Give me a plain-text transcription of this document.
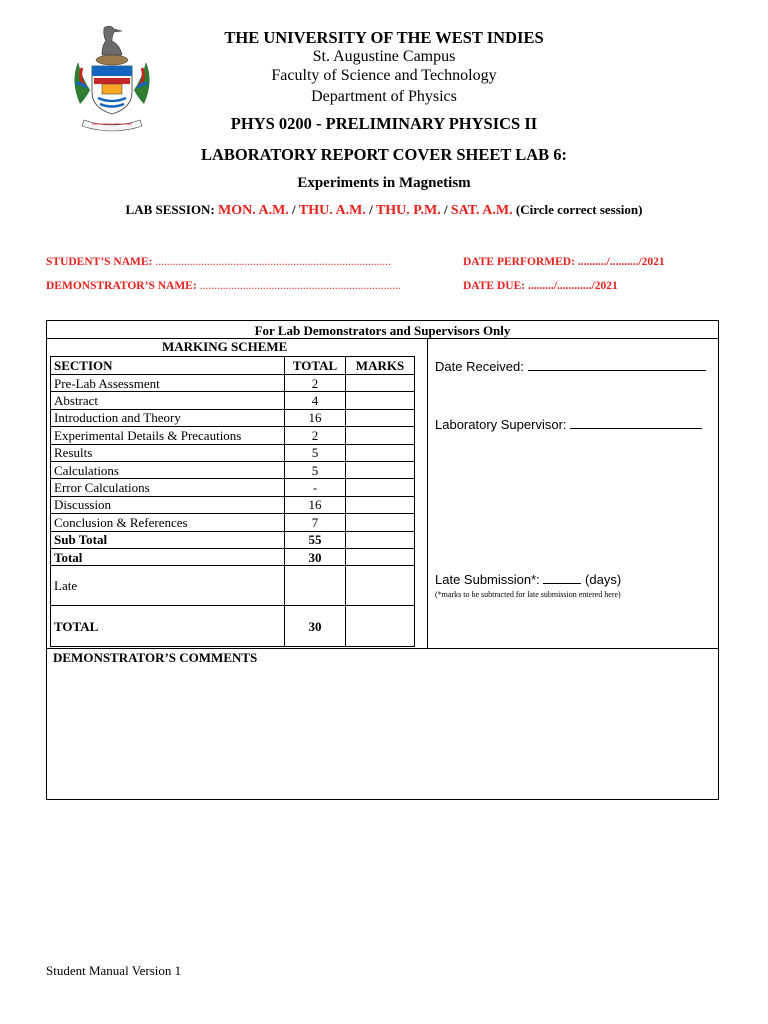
THE UNIVERSITY OF THE WEST INDIES
St. Augustine Campus
Faculty of Science and Technology
Department of Physics
PHYS 0200 - PRELIMINARY PHYSICS II
LABORATORY REPORT COVER SHEET LAB 6:
Experiments in Magnetism
LAB SESSION: MON. A.M. / THU. A.M. / THU. P.M. / SAT. A.M. (Circle correct session)
STUDENT’S NAME: ..................................................................................
DEMONSTRATOR’S NAME: ......................................................................
DATE PERFORMED: ........../........../2021
DATE DUE: ........./............/2021
For Lab Demonstrators and Supervisors Only
MARKING SCHEME
SECTION	TOTAL	MARKS
Pre-Lab Assessment	2	
Abstract	4	
Introduction and Theory	16	
Experimental Details & Precautions	2	
Results	5	
Calculations	5	
Error Calculations	-	
Discussion	16	
Conclusion & References	7	
Sub Total	55	
Total	30	
Late		
TOTAL	30	
Date Received:
Laboratory Supervisor:
Late Submission*:	(days)
(*marks to be subtracted for late submission entered here)
DEMONSTRATOR’S COMMENTS
Student Manual Version 1
